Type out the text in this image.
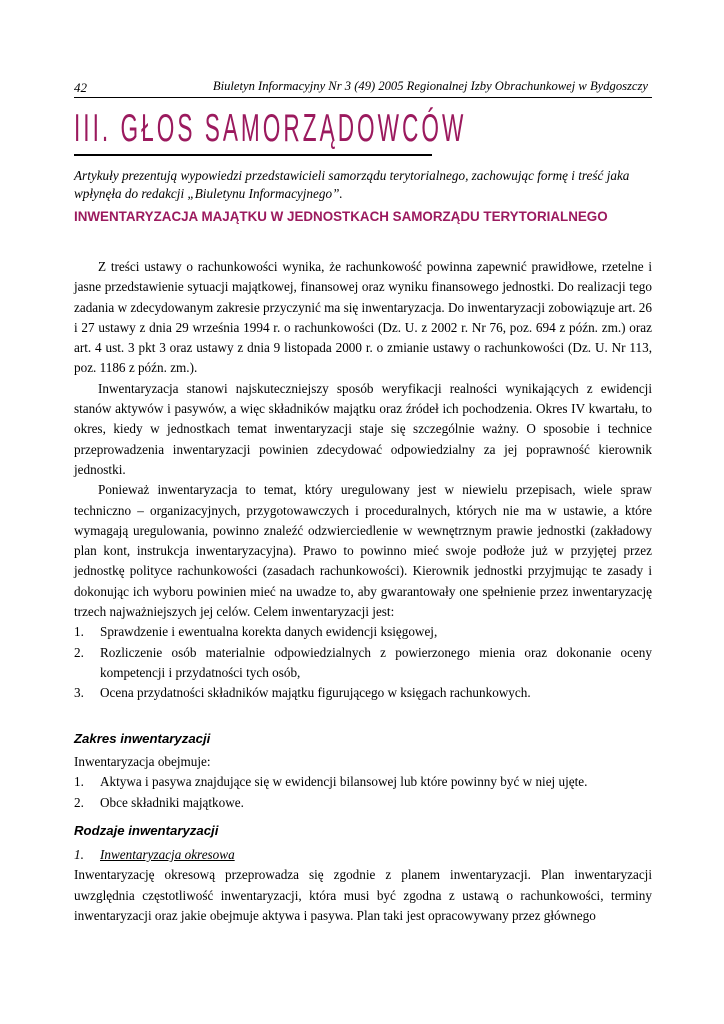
42	Biuletyn Informacyjny Nr 3 (49) 2005 Regionalnej Izby Obrachunkowej w Bydgoszczy
III. GŁOS SAMORZĄDOWCÓW
Artykuły prezentują wypowiedzi przedstawicieli samorządu terytorialnego, zachowując formę i treść jaka wpłynęła do redakcji „Biuletynu Informacyjnego”.
INWENTARYZACJA MAJĄTKU W JEDNOSTKACH SAMORZĄDU TERYTORIALNEGO

Z treści ustawy o rachunkowości wynika, że rachunkowość powinna zapewnić prawidłowe, rzetelne i jasne przedstawienie sytuacji majątkowej, finansowej oraz wyniku finansowego jednostki. Do realizacji tego zadania w zdecydowanym zakresie przyczynić ma się inwentaryzacja. Do inwentaryzacji zobowiązuje art. 26 i 27 ustawy z dnia 29 września 1994 r. o rachunkowości (Dz. U. z 2002 r. Nr 76, poz. 694 z późn. zm.) oraz art. 4 ust. 3 pkt 3 oraz ustawy z dnia 9 listopada 2000 r. o zmianie ustawy o rachunkowości (Dz. U. Nr 113, poz. 1186 z późn. zm.).

Inwentaryzacja stanowi najskuteczniejszy sposób weryfikacji realności wynikających z ewidencji stanów aktywów i pasywów, a więc składników majątku oraz źródeł ich pochodzenia. Okres IV kwartału, to okres, kiedy w jednostkach temat inwentaryzacji staje się szczególnie ważny. O sposobie i technice przeprowadzenia inwentaryzacji powinien zdecydować odpowiedzialny za jej poprawność kierownik jednostki.

Ponieważ inwentaryzacja to temat, który uregulowany jest w niewielu przepisach, wiele spraw techniczno – organizacyjnych, przygotowawczych i proceduralnych, których nie ma w ustawie, a które wymagają uregulowania, powinno znaleźć odzwierciedlenie w wewnętrznym prawie jednostki (zakładowy plan kont, instrukcja inwentaryzacyjna). Prawo to powinno mieć swoje podłoże już w przyjętej przez jednostkę polityce rachunkowości (zasadach rachunkowości). Kierownik jednostki przyjmując te zasady i dokonując ich wyboru powinien mieć na uwadze to, aby gwarantowały one spełnienie przez inwentaryzację trzech najważniejszych jej celów. Celem inwentaryzacji jest:

1. Sprawdzenie i ewentualna korekta danych ewidencji księgowej,
2. Rozliczenie osób materialnie odpowiedzialnych z powierzonego mienia oraz dokonanie oceny kompetencji i przydatności tych osób,
3. Ocena przydatności składników majątku figurującego w księgach rachunkowych.
Zakres inwentaryzacji

Inwentaryzacja obejmuje:

1. Aktywa i pasywa znajdujące się w ewidencji bilansowej lub które powinny być w niej ujęte.
2. Obce składniki majątkowe.
Rodzaje inwentaryzacji

1. Inwentaryzacja okresowa

Inwentaryzację okresową przeprowadza się zgodnie z planem inwentaryzacji. Plan inwentaryzacji uwzględnia częstotliwość inwentaryzacji, która musi być zgodna z ustawą o rachunkowości, terminy inwentaryzacji oraz jakie obejmuje aktywa i pasywa. Plan taki jest opracowywany przez głównego
